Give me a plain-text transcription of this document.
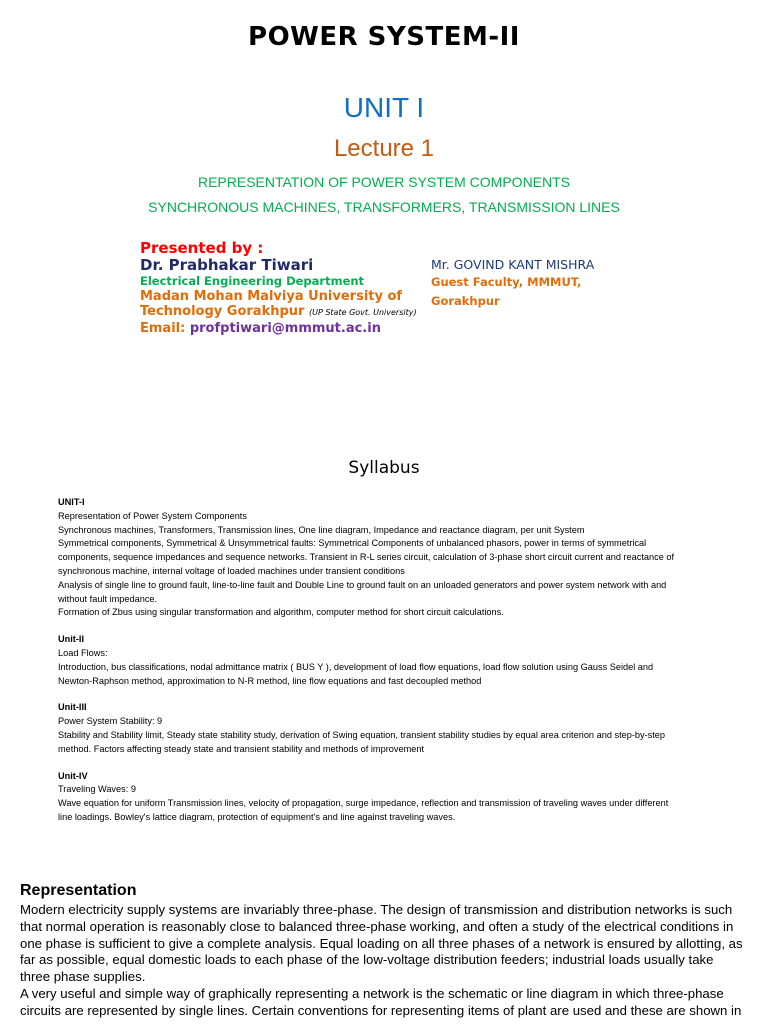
POWER SYSTEM-II
UNIT I
Lecture 1
REPRESENTATION OF POWER SYSTEM COMPONENTS
SYNCHRONOUS MACHINES, TRANSFORMERS, TRANSMISSION LINES
Presented by :
Dr. Prabhakar Tiwari
Electrical Engineering Department
Madan Mohan Malviya University of
Technology Gorakhpur (UP State Govt. University)
Email: profptiwari@mmmut.ac.in
Mr. GOVIND KANT MISHRA
Guest Faculty, MMMUT,
Gorakhpur
Syllabus

UNIT-I

Representation of Power System Components

Synchronous machines, Transformers, Transmission lines, One line diagram, Impedance and reactance diagram, per unit System

Symmetrical components, Symmetrical & Unsymmetrical faults: Symmetrical Components of unbalanced phasors, power in terms of symmetrical

components, sequence impedances and sequence networks. Transient in R-L series circuit, calculation of 3-phase short circuit current and reactance of

synchronous machine, internal voltage of loaded machines under transient conditions

Analysis of single line to ground fault, line-to-line fault and Double Line to ground fault on an unloaded generators and power system network with and

without fault impedance.

Formation of Zbus using singular transformation and algorithm, computer method for short circuit calculations.

Unit-II

Load Flows:

Introduction, bus classifications, nodal admittance matrix ( BUS Y ), development of load flow equations, load flow solution using Gauss Seidel and

Newton-Raphson method, approximation to N-R method, line flow equations and fast decoupled method

Unit-III

Power System Stability: 9

Stability and Stability limit, Steady state stability study, derivation of Swing equation, transient stability studies by equal area criterion and step-by-step

method. Factors affecting steady state and transient stability and methods of improvement

Unit-IV

Traveling Waves: 9

Wave equation for uniform Transmission lines, velocity of propagation, surge impedance, reflection and transmission of traveling waves under different

line loadings. Bowley's lattice diagram, protection of equipment's and line against traveling waves.

Representation

Modern electricity supply systems are invariably three-phase. The design of transmission and distribution networks is such

that normal operation is reasonably close to balanced three-phase working, and often a study of the electrical conditions in

one phase is sufficient to give a complete analysis. Equal loading on all three phases of a network is ensured by allotting, as

far as possible, equal domestic loads to each phase of the low-voltage distribution feeders; industrial loads usually take

three phase supplies.

A very useful and simple way of graphically representing a network is the schematic or line diagram in which three-phase

circuits are represented by single lines. Certain conventions for representing items of plant are used and these are shown in
